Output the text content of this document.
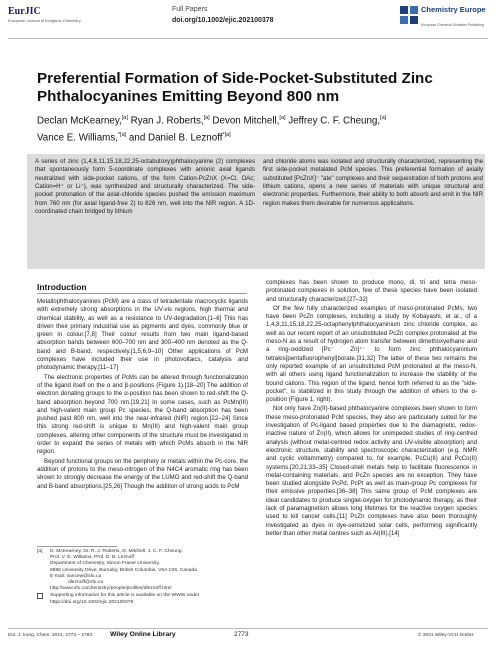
EurJIC
European Journal of Inorganic Chemistry
Full Papers
doi.org/10.1002/ejic.202100378
Chemistry Europe
European Chemical Societies Publishing
Preferential Formation of Side-Pocket-Substituted Zinc Phthalocyanines Emitting Beyond 800 nm
Declan McKearney,[a] Ryan J. Roberts,[a] Devon Mitchell,[a] Jeffrey C. F. Cheung,[a]
Vance E. Williams,$^{*[a]}$ and Daniel B. Leznoff$^{*[a]}$
A series of zinc (1,4,8,11,15,18,22,25-octabutoxy)phthalocyanine (2) complexes that spontaneously form 5-coordinate complexes with anionic axial ligands neutralized with side-pocket cations, of the form Cation-PcZnX (X=Cl, OAc; Cation=H⁺ or Li⁺), was synthesized and structurally characterized. The side-pocket protonation of the axial-chloride species pushed the emission maximum from 760 nm (for axial ligand-free 2) to 826 nm, well into the NIR region. A 1D-coordinated chain bridged by lithium
and chloride atoms was isolated and structurally characterized, representing the first side-pocket metalated PcM species. This preferential formation of axially substituted [PcZnX]⁻ "ate" complexes and their sequestration of both protons and lithium cations, opens a new series of materials with unique structural and electronic properties. Furthermore, their ability to both absorb and emit in the NIR region makes them desirable for numerous applications.
Introduction

Metallophthalocyanines (PcM) are a class of tetradentate macrocyclic ligands with extremely strong absorptions in the UV-vis regions, high thermal and chemical stability, as well as a resistance to UV-degradation.[1–6] This has driven their primary industrial use as pigments and dyes, commonly blue or green in colour.[7,8] Their colour results from two main ligand-based absorption bands between 600–700 nm and 300–400 nm denoted as the Q-band and B-band, respectively.[1,5,6,9–10] Other applications of PcM complexes have included their use in photovoltaics, catalysis and photodynamic therapy.[11–17]

The electronic properties of PcMs can be altered through functionalization of the ligand itself on the α and β-positions (Figure 1).[18–20] The addition of electron donating groups to the α-position has been shown to red-shift the Q-band absorption beyond 700 nm.[19,21] In some cases, such as PcMn(III) and high-valent main group Pc species, the Q-band absorption has been pushed past 800 nm, well into the near-infrared (NIR) region.[22–24] Since this strong red-shift is unique to Mn(III) and high-valent main group complexes, altering other components of the structure must be investigated in order to expand the series of metals with which PcMs absorb in the NIR region.

Beyond functional groups on the periphery or metals within the Pc-core, the addition of protons to the meso-nitrogen of the N4C4 aromatic ring has been shown to strongly decrease the energy of the LUMO and red-shift the Q-band and B-band absorptions.[25,26] Though the addition of strong acids to PcM

complexes has been shown to produce mono, di, tri and tetra meso-protonated complexes in solution, few of these species have been isolated and structurally characterized.[27–32]

Of the few fully characterized examples of meso-protonated PcMs, two have been PcZn complexes, including a study by Kobayashi, et al., of a 1,4,8,11,15,18,22,25-octaphenylphthalocyaninium zinc chloride complex, as well as our recent report of an unsubstituted PcZn complex protonated at the meso-N as a result of hydrogen atom transfer between dimethoxyethane and a ring-oxidized [Pc⁻˙Zn]⁺⁻ to form zinc phthalocyaninium tetrakis[pentafluorophenyl]borate.[31,32] The latter of these two remains the only reported example of an unsubstituted PcM protonated at the meso-N, with all others using ligand functionalization to increase the stability of the bound cations. This region of the ligand, hence forth referred to as the "side-pocket", is stabilized in this study through the addition of ethers to the α-position (Figure 1, right).

Not only have Zn(II)-based phthalocyanine complexes been shown to form these meso-protonated PcM species, they also are particularly suited for the investigation of Pc-ligand based properties due to the diamagnetic, redox-inactive nature of Zn(II), which allows for unimpeded studies of ring-centred analysis (without metal-centred redox activity and UV-visible absorption) and electronic structure, stability and spectroscopic characterization (e.g. NMR and cyclic voltammetry) compared to, for example, PcCu(II) and PcCo(II) systems.[20,21,33–35] Closed-shell metals help to facilitate fluorescence in metal-containing materials, and PcZn species are no exception. They have been studied alongside PcPd, PcPt as well as main-group Pc complexes for their emissive properties.[36–38] This same group of PcM complexes are ideal candidates to produce singlet-oxygen for photodynamic therapy, as their lack of paramagnetism allows long lifetimes for the reactive oxygen species used to kill cancer cells.[11] PcZn complexes have also been thoroughly investigated as dyes in dye-sensitized solar cells, performing significantly better than other metal centres such as Al(III).[14]

[a]	D. McKearney, Dr. R. J. Roberts, D. Mitchell, J. C. F. Cheung,
Prof. V. E. Williams, Prof. D. B. Leznoff
Department of Chemistry, Simon Fraser University,
8888 University Drive, Burnaby, British Columbia, V5A 1S6, Canada
E-mail: vancew@sfu.ca
dleznoff@sfu.ca
http://www.sfu.ca/chemistry/people/profiles/dleznoff.html
Supporting information for this article is available on the WWW under https://doi.org/10.1002/ejic.202100378
Eur. J. Inorg. Chem. 2021, 2773 – 2783	Wiley Online Library	2773	© 2021 Wiley-VCH GmbH
